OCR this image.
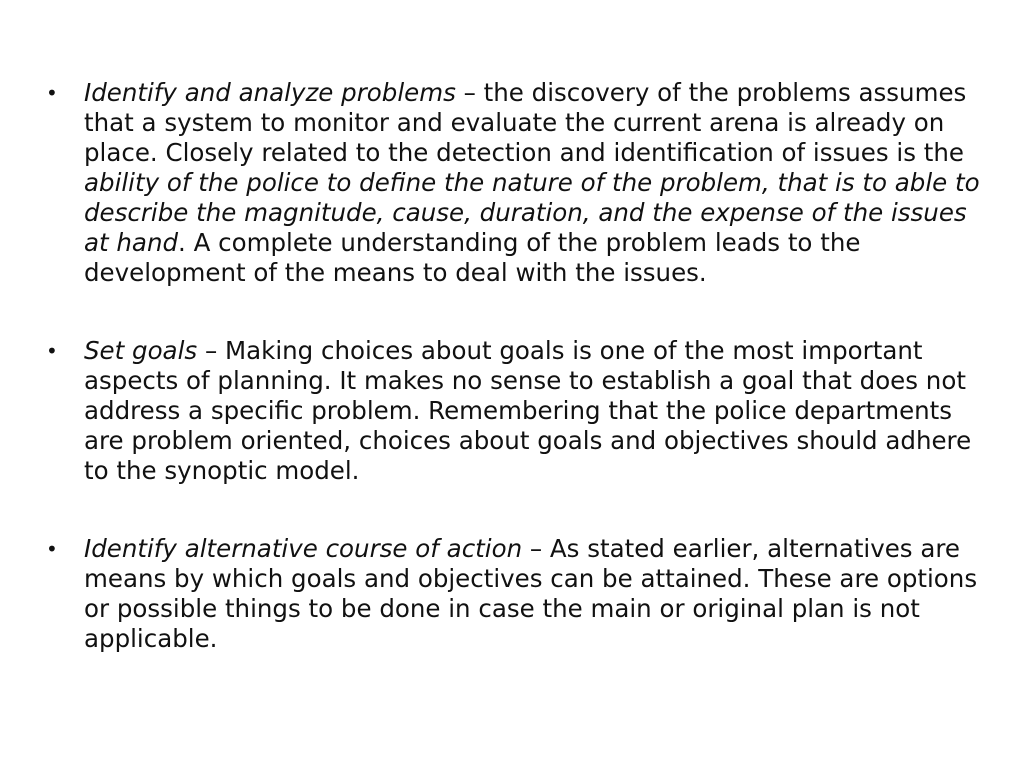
•	Identify and analyze problems – the discovery of the problems assumes that a system to monitor and evaluate the current arena is already on place. Closely related to the detection and identification of issues is the ability of the police to define the nature of the problem, that is to able to describe the magnitude, cause, duration, and the expense of the issues at hand. A complete understanding of the problem leads to the development of the means to deal with the issues.
•	Set goals – Making choices about goals is one of the most important aspects of planning. It makes no sense to establish a goal that does not address a specific problem. Remembering that the police departments are problem oriented, choices about goals and objectives should adhere to the synoptic model.
•	Identify alternative course of action – As stated earlier, alternatives are means by which goals and objectives can be attained. These are options or possible things to be done in case the main or original plan is not applicable.
